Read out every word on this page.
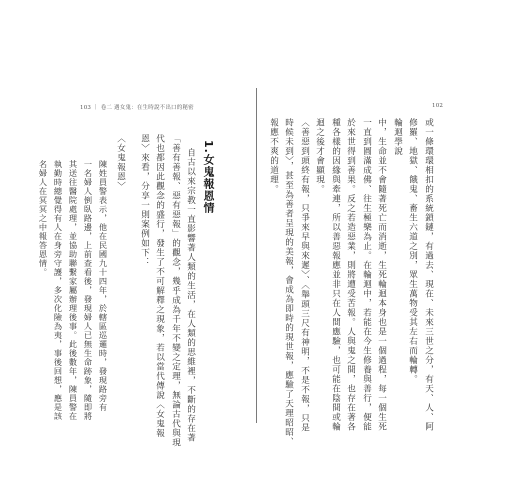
103 ｜ 卷二 遇女鬼：在生時說不出口的秘密	102
或一條環環相扣的系統鎖鏈，有過去、現在、未來三世之分，有天、人、阿
修羅、地獄、餓鬼、畜生六道之別，眾生萬物受其左右而輪轉。
輪迴學說
中，生命並不會隨著死亡而消逝，生死輪迴本身也是一個過程，每一個生死
一直到圓滿成佛、往生極樂為止。在輪迴中，若能在今生修養與善行，便能
於來世得到善果。反之若造惡業，則將遭受苦報。人與鬼之間，也存在著各
種各樣的因緣與牽連，所以善惡報應並非只在人間應驗，也可能在陰間或輪
迴之後才會顯現。
〈善惡到頭終有報，只爭來早與來遲〉、〈舉頭三尺有神明，不是不報，只是
時候未到〉，甚至為善者呈現的美報，會成為即時的現世報，應驗了天理昭昭、
報應不爽的道理。
1.女鬼報恩情
自古以來宗教一直影響著人類的生活，在人類的思維裡，不斷的存在著
「善有善報、惡有惡報」的觀念，幾乎成為千年不變之定理，無論古代與現
代也都因此觀念的盛行，發生了不可解釋之現象，若以當代傳說〈女鬼報
恩〉來看，分享一則案例如下：
〈女鬼報恩〉
陳姓員警表示，他在民國九十四年，於轄區巡邏時，發現路旁有
一名婦人倒臥路邊，上前查看後，發現婦人已無生命跡象，隨即將
其送往醫院處理，並協助聯繫家屬辦理後事。此後數年，陳員警在
執勤時總覺得有人在身旁守護，多次化險為夷，事後回想，應是該
名婦人在冥冥之中報答恩情。
